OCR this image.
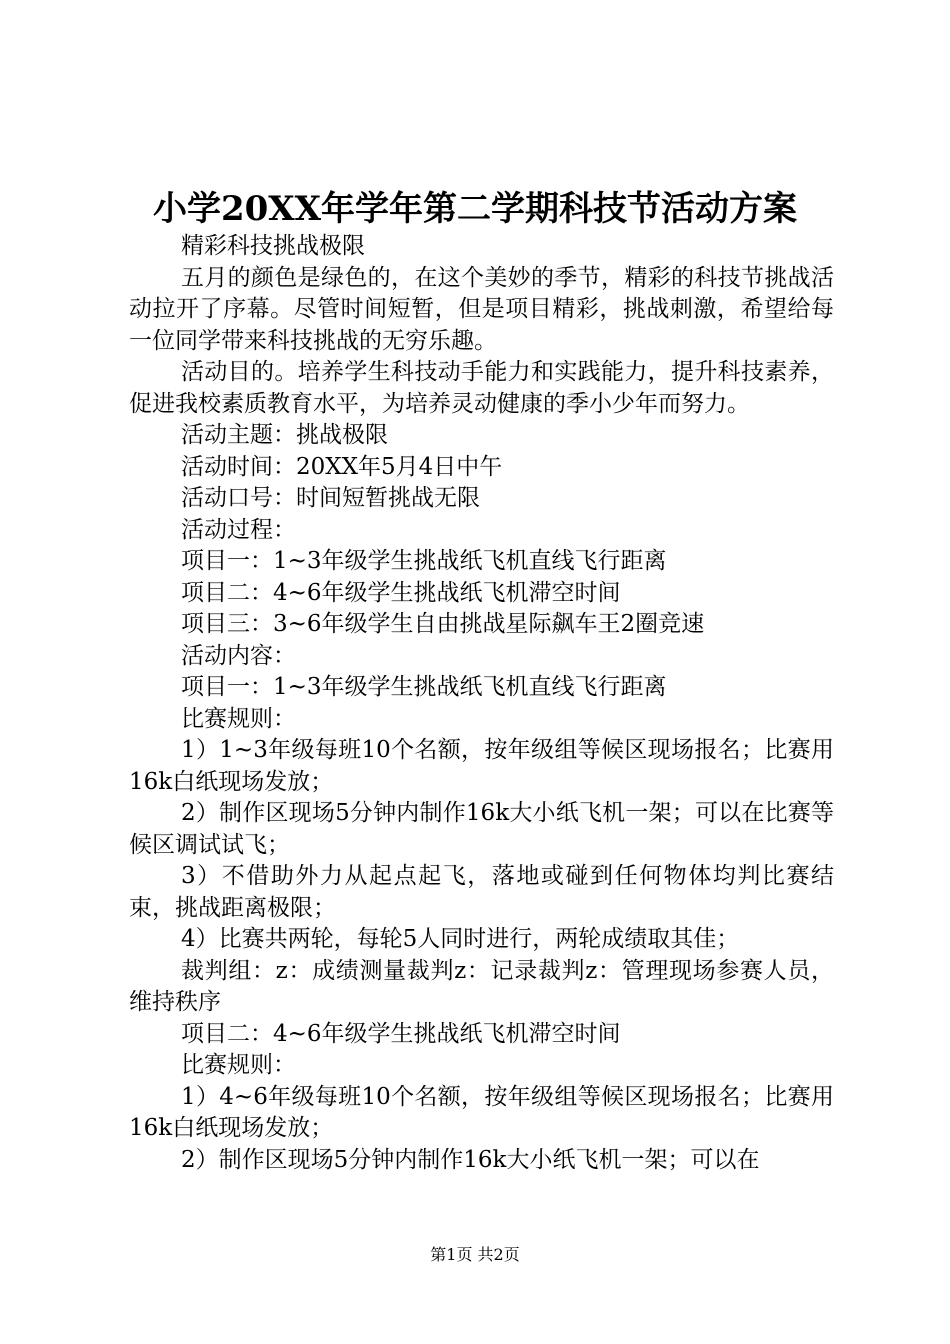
小学20XX年学年第二学期科技节活动方案

精彩科技挑战极限

五月的颜色是绿色的，在这个美妙的季节，精彩的科技节挑战活动拉开了序幕。尽管时间短暂，但是项目精彩，挑战刺激，希望给每一位同学带来科技挑战的无穷乐趣。

活动目的。培养学生科技动手能力和实践能力，提升科技素养，促进我校素质教育水平，为培养灵动健康的季小少年而努力。

活动主题：挑战极限

活动时间：20XX年5月4日中午

活动口号：时间短暂挑战无限

活动过程：

项目一：1~3年级学生挑战纸飞机直线飞行距离

项目二：4~6年级学生挑战纸飞机滞空时间

项目三：3~6年级学生自由挑战星际飙车王2圈竞速

活动内容：

项目一：1~3年级学生挑战纸飞机直线飞行距离

比赛规则：

1）1~3年级每班10个名额，按年级组等候区现场报名；比赛用16k白纸现场发放；

2）制作区现场5分钟内制作16k大小纸飞机一架；可以在比赛等候区调试试飞；

3）不借助外力从起点起飞，落地或碰到任何物体均判比赛结束，挑战距离极限；

4）比赛共两轮，每轮5人同时进行，两轮成绩取其佳；

裁判组：z：成绩测量裁判z：记录裁判z：管理现场参赛人员，维持秩序

项目二：4~6年级学生挑战纸飞机滞空时间

比赛规则：

1）4~6年级每班10个名额，按年级组等候区现场报名；比赛用16k白纸现场发放；

2）制作区现场5分钟内制作16k大小纸飞机一架；可以在

第1页 共2页
